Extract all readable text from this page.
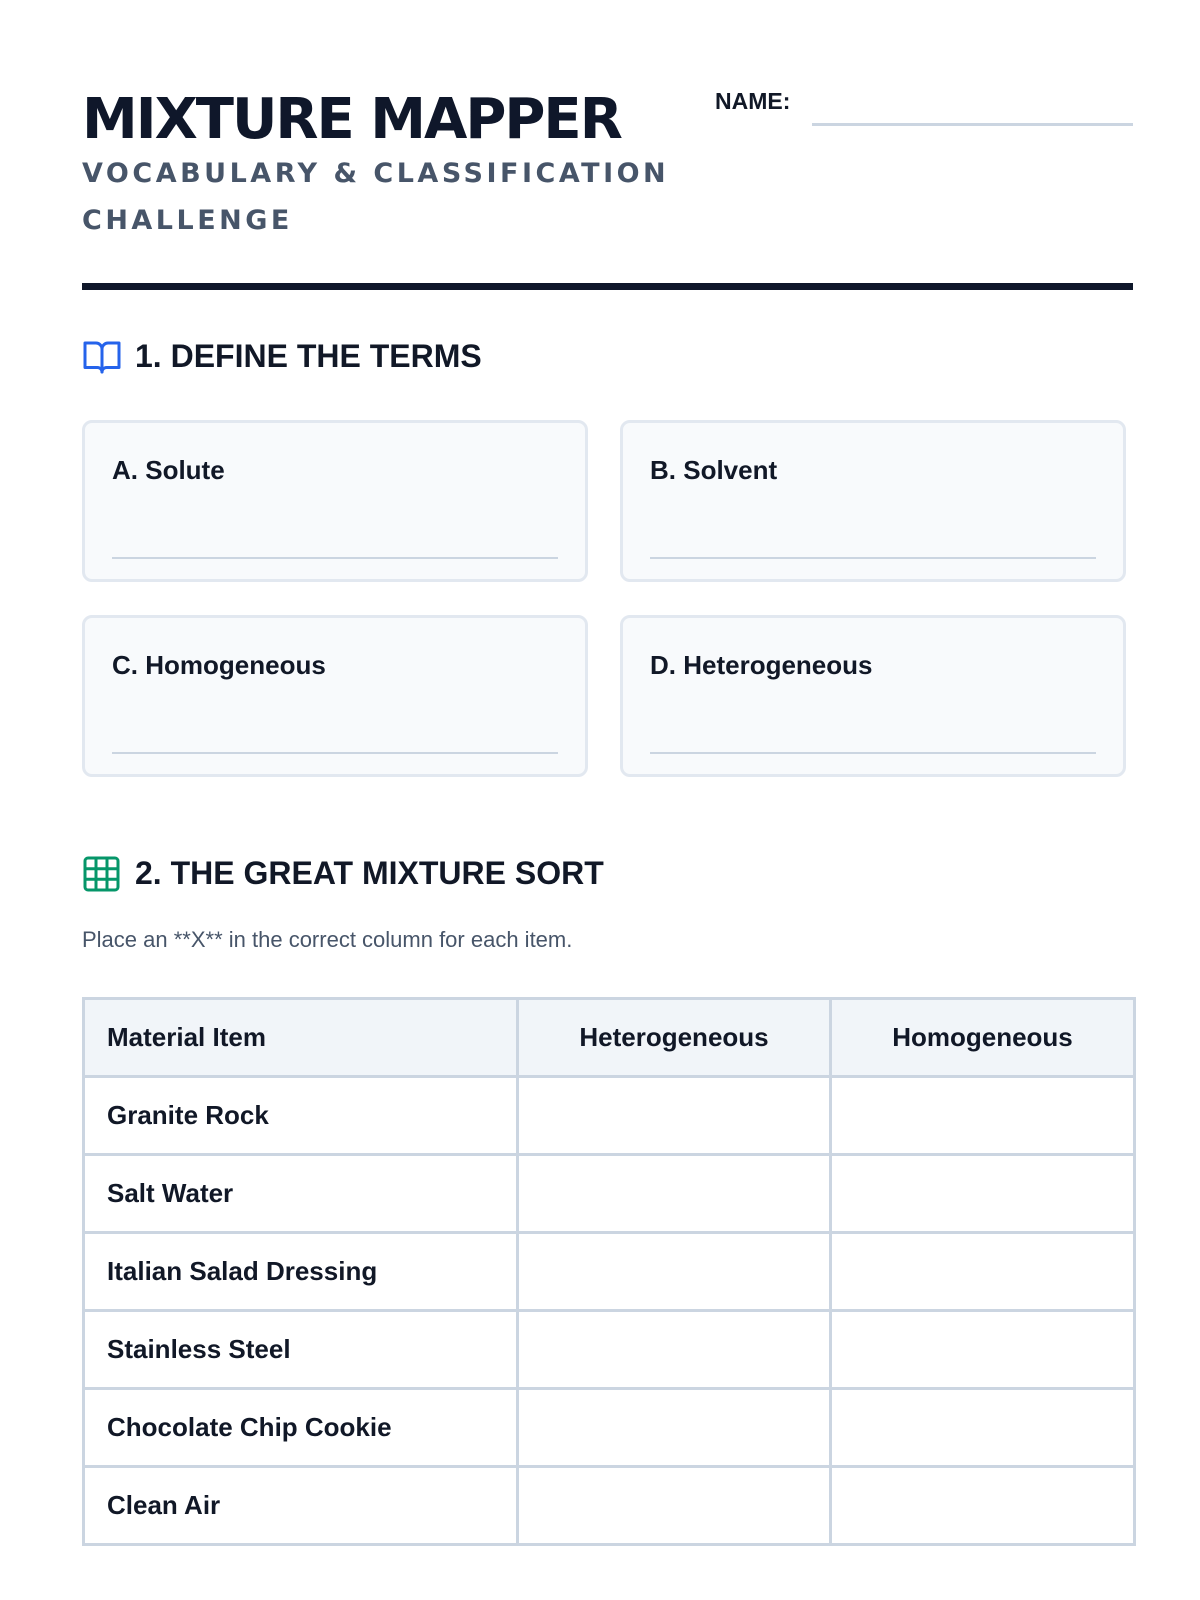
MIXTURE MAPPER
VOCABULARY & CLASSIFICATION CHALLENGE
NAME:
1. DEFINE THE TERMS
A. Solute	B. Solvent
C. Homogeneous	D. Heterogeneous
2. THE GREAT MIXTURE SORT
Place an **X** in the correct column for each item.
Material Item	Heterogeneous	Homogeneous
Granite Rock		
Salt Water		
Italian Salad Dressing		
Stainless Steel		
Chocolate Chip Cookie		
Clean Air		
